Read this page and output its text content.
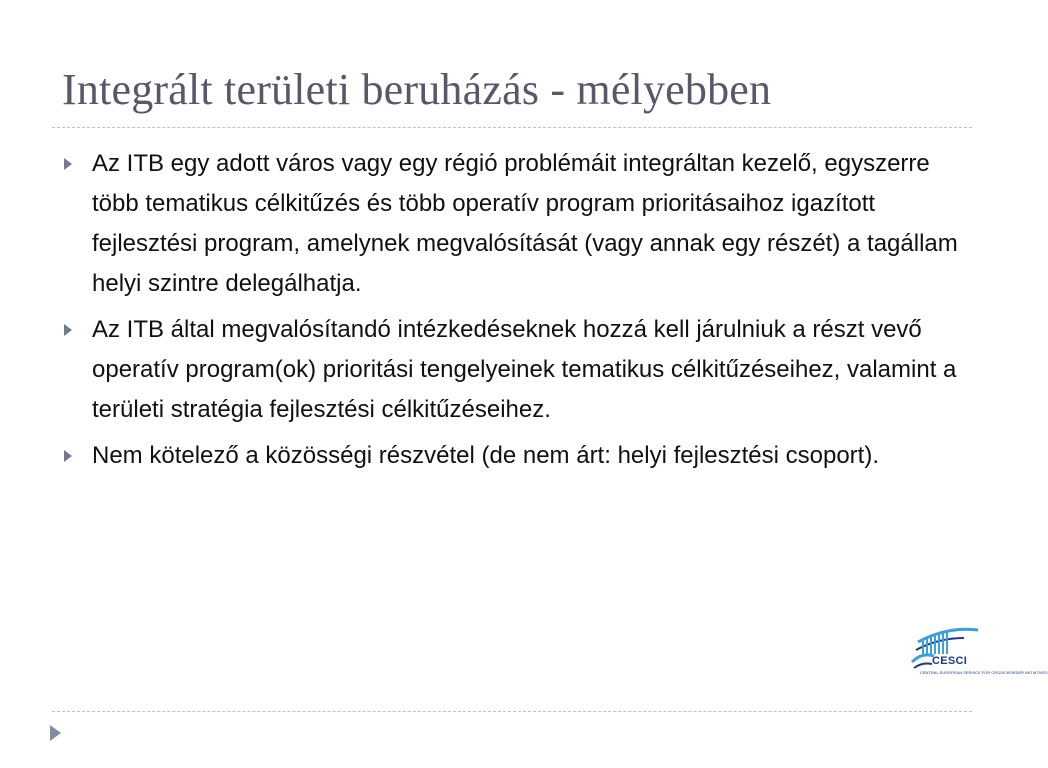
Integrált területi beruházás - mélyebben
Az ITB egy adott város vagy egy régió problémáit integráltan kezelő, egyszerre több tematikus célkitűzés és több operatív program prioritásaihoz igazított fejlesztési program, amelynek megvalósítását (vagy annak egy részét) a tagállam helyi szintre delegálhatja.
Az ITB által megvalósítandó intézkedéseknek hozzá kell járulniuk a részt vevő operatív program(ok) prioritási tengelyeinek tematikus célkitűzéseihez, valamint a területi stratégia fejlesztési célkitűzéseihez.
Nem kötelező a közösségi részvétel (de nem árt: helyi fejlesztési csoport).
CESCI
CENTRAL EUROPEAN SERVICE FOR CROSS-BORDER INITIATIVES
